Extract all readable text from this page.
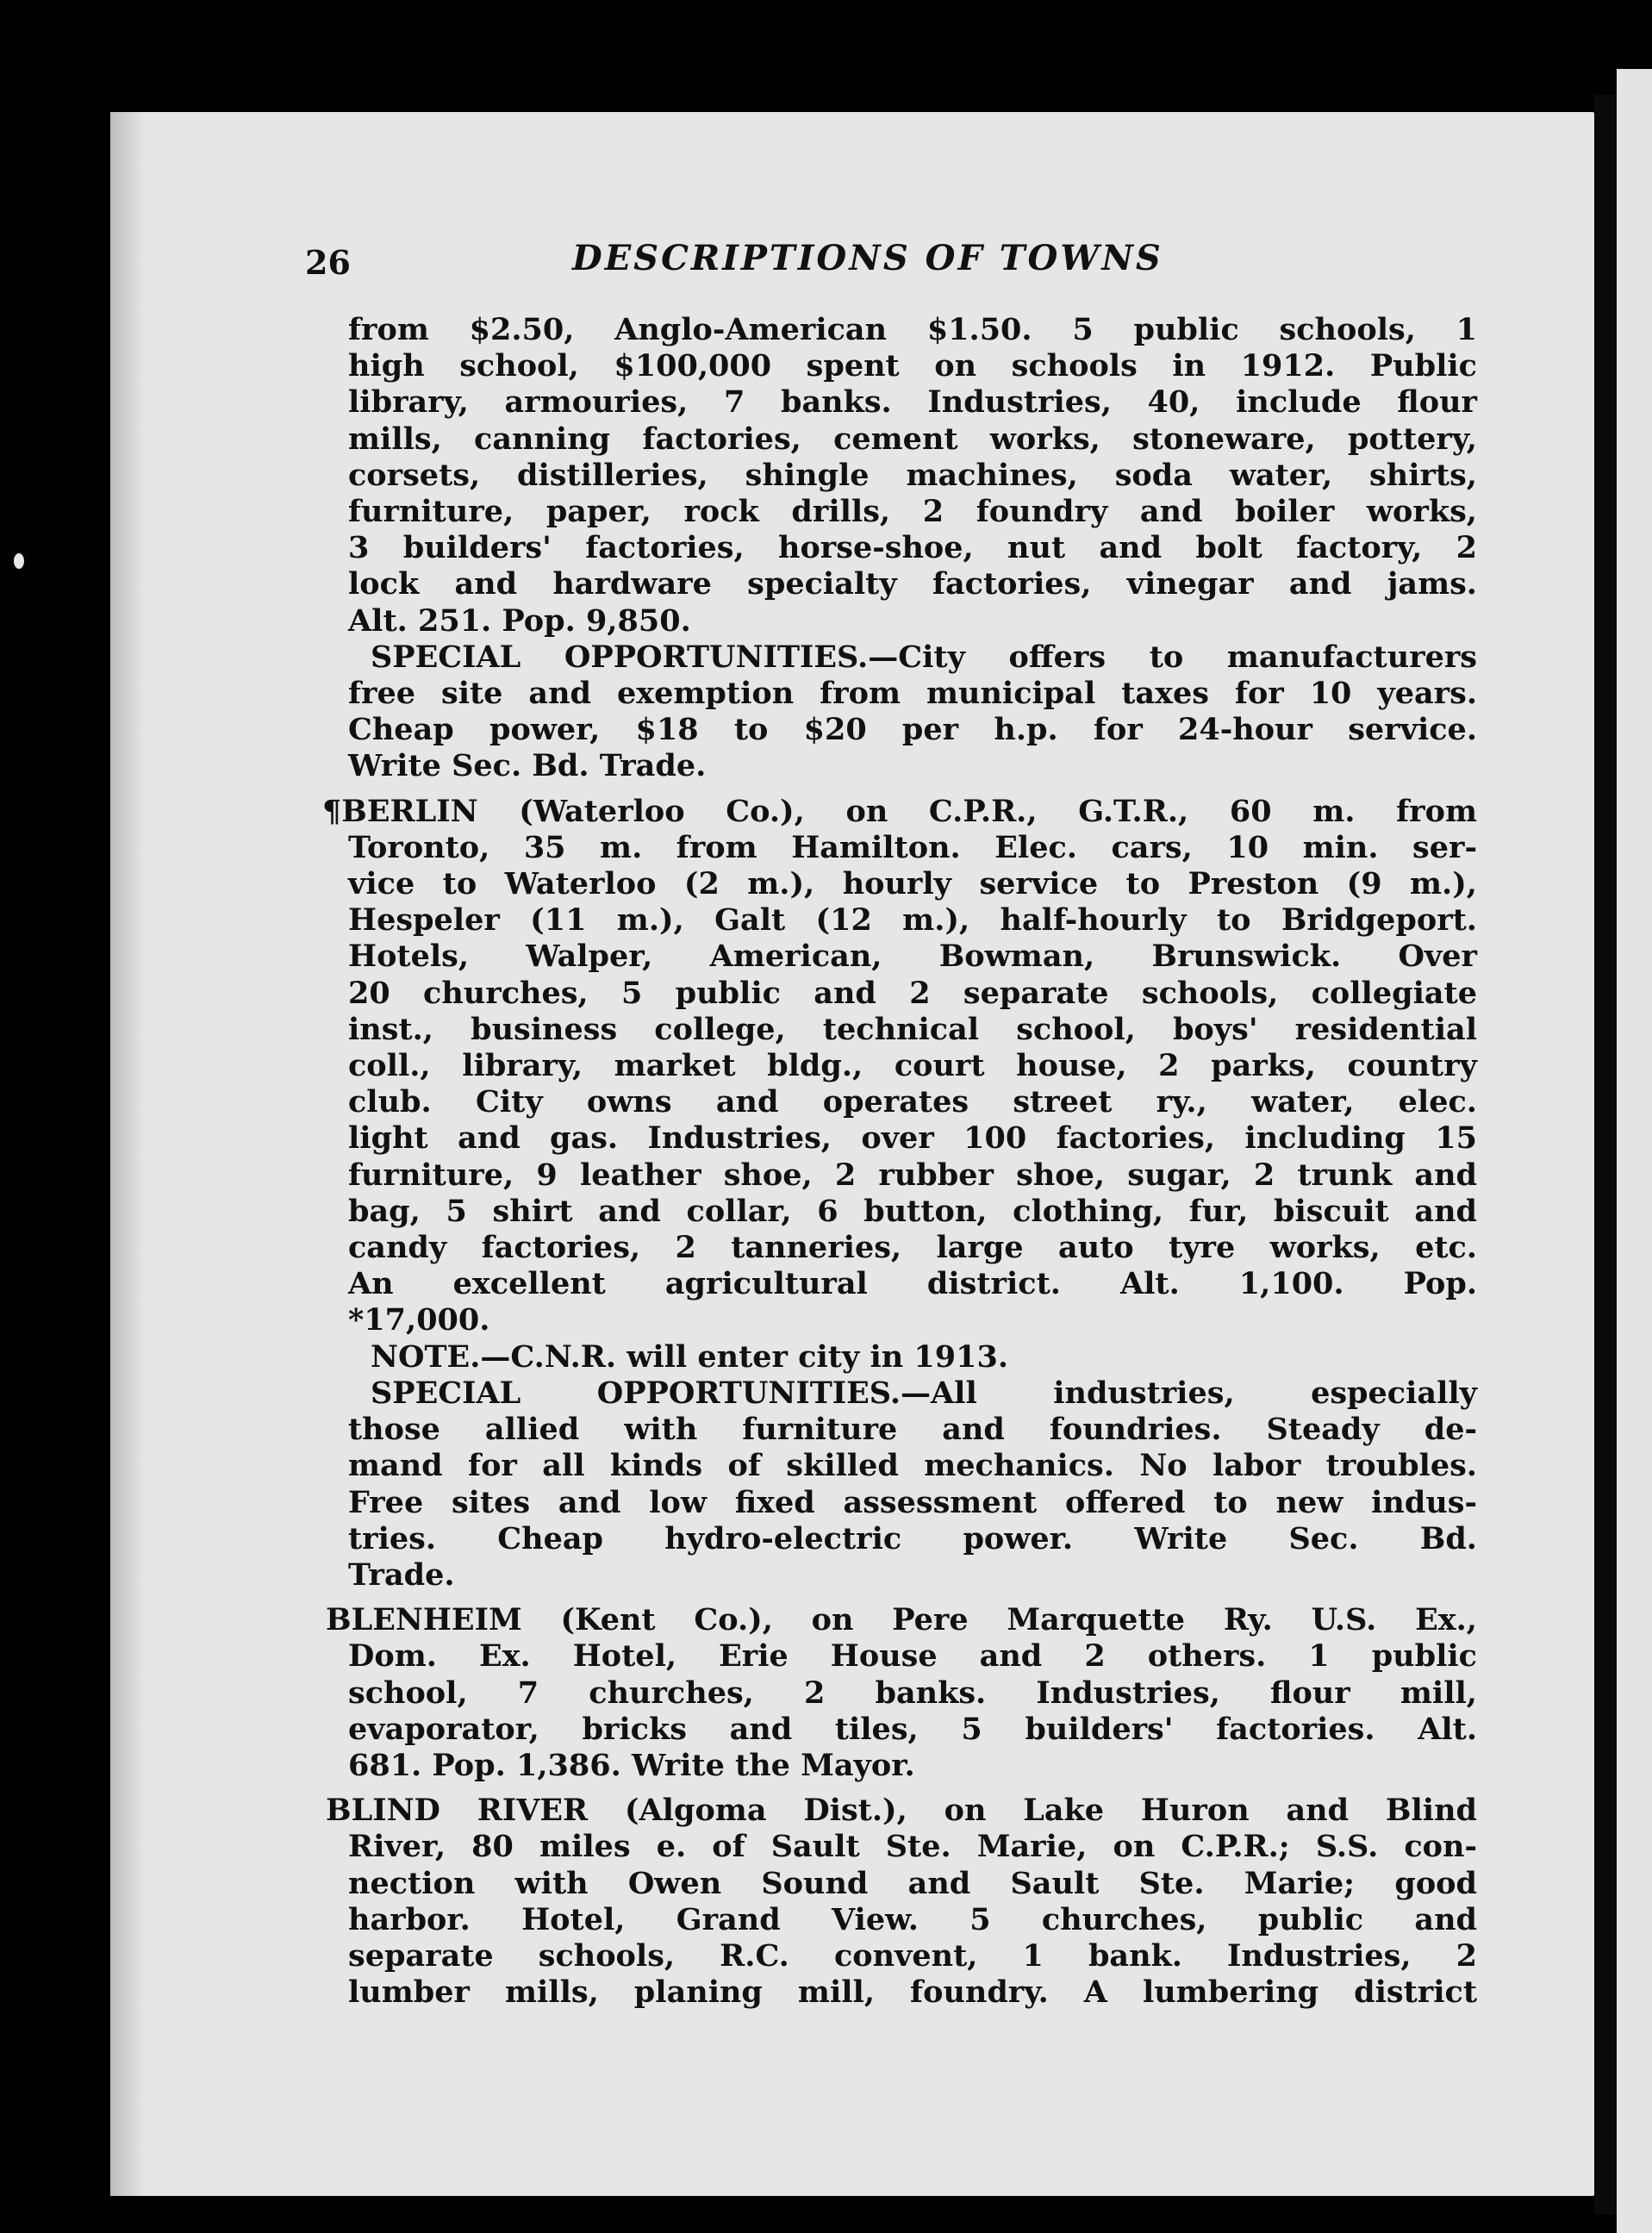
26	DESCRIPTIONS OF TOWNS
from $2.50, Anglo-American $1.50. 5 public schools, 1
high school, $100,000 spent on schools in 1912. Public
library, armouries, 7 banks. Industries, 40, include flour
mills, canning factories, cement works, stoneware, pottery,
corsets, distilleries, shingle machines, soda water, shirts,
furniture, paper, rock drills, 2 foundry and boiler works,
3 builders' factories, horse-shoe, nut and bolt factory, 2
lock and hardware specialty factories, vinegar and jams.
Alt. 251. Pop. 9,850.
SPECIAL OPPORTUNITIES.—City offers to manufacturers
free site and exemption from municipal taxes for 10 years.
Cheap power, $18 to $20 per h.p. for 24-hour service.
Write Sec. Bd. Trade.
¶BERLIN (Waterloo Co.), on C.P.R., G.T.R., 60 m. from
Toronto, 35 m. from Hamilton. Elec. cars, 10 min. ser-
vice to Waterloo (2 m.), hourly service to Preston (9 m.),
Hespeler (11 m.), Galt (12 m.), half-hourly to Bridgeport.
Hotels, Walper, American, Bowman, Brunswick. Over
20 churches, 5 public and 2 separate schools, collegiate
inst., business college, technical school, boys' residential
coll., library, market bldg., court house, 2 parks, country
club. City owns and operates street ry., water, elec.
light and gas. Industries, over 100 factories, including 15
furniture, 9 leather shoe, 2 rubber shoe, sugar, 2 trunk and
bag, 5 shirt and collar, 6 button, clothing, fur, biscuit and
candy factories, 2 tanneries, large auto tyre works, etc.
An excellent agricultural district. Alt. 1,100. Pop.
*17,000.
NOTE.—C.N.R. will enter city in 1913.
SPECIAL OPPORTUNITIES.—All industries, especially
those allied with furniture and foundries. Steady de-
mand for all kinds of skilled mechanics. No labor troubles.
Free sites and low fixed assessment offered to new indus-
tries. Cheap hydro-electric power. Write Sec. Bd.
Trade.
BLENHEIM (Kent Co.), on Pere Marquette Ry. U.S. Ex.,
Dom. Ex. Hotel, Erie House and 2 others. 1 public
school, 7 churches, 2 banks. Industries, flour mill,
evaporator, bricks and tiles, 5 builders' factories. Alt.
681. Pop. 1,386. Write the Mayor.
BLIND RIVER (Algoma Dist.), on Lake Huron and Blind
River, 80 miles e. of Sault Ste. Marie, on C.P.R.; S.S. con-
nection with Owen Sound and Sault Ste. Marie; good
harbor. Hotel, Grand View. 5 churches, public and
separate schools, R.C. convent, 1 bank. Industries, 2
lumber mills, planing mill, foundry. A lumbering district
